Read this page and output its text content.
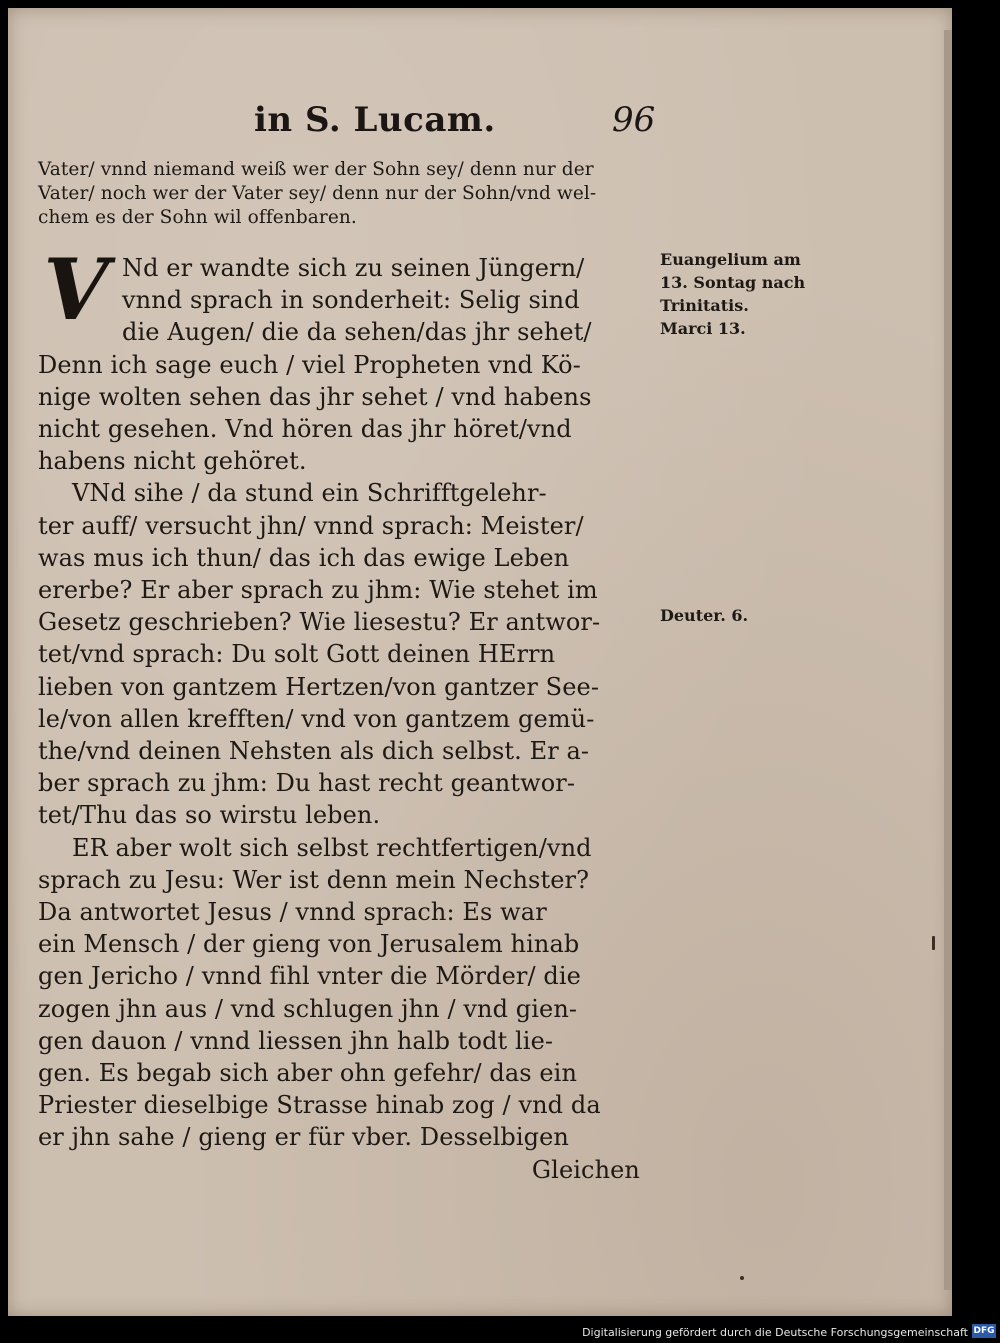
in S. Lucam.	96
Vater/ vnnd niemand weiß wer der Sohn sey/ denn nur der
Vater/ noch wer der Vater sey/ denn nur der Sohn/vnd wel-
chem es der Sohn wil offenbaren.
V Nd er wandte sich zu seinen Jüngern/
vnnd sprach in sonderheit: Selig sind
die Augen/ die da sehen/das jhr sehet/
Denn ich sage euch / viel Propheten vnd Kö-
nige wolten sehen das jhr sehet / vnd habens
nicht gesehen. Vnd hören das jhr höret/vnd
habens nicht gehöret.
VNd sihe / da stund ein Schrifftgelehr-
ter auff/ versucht jhn/ vnnd sprach: Meister/
was mus ich thun/ das ich das ewige Leben
ererbe? Er aber sprach zu jhm: Wie stehet im
Gesetz geschrieben? Wie liesestu? Er antwor-
tet/vnd sprach: Du solt Gott deinen HErrn
lieben von gantzem Hertzen/von gantzer See-
le/von allen krefften/ vnd von gantzem gemü-
the/vnd deinen Nehsten als dich selbst. Er a-
ber sprach zu jhm: Du hast recht geantwor-
tet/Thu das so wirstu leben.
ER aber wolt sich selbst rechtfertigen/vnd
sprach zu Jesu: Wer ist denn mein Nechster?
Da antwortet Jesus / vnnd sprach: Es war
ein Mensch / der gieng von Jerusalem hinab
gen Jericho / vnnd fihl vnter die Mörder/ die
zogen jhn aus / vnd schlugen jhn / vnd gien-
gen dauon / vnnd liessen jhn halb todt lie-
gen. Es begab sich aber ohn gefehr/ das ein
Priester dieselbige Strasse hinab zog / vnd da
er jhn sahe / gieng er für vber. Desselbigen
Gleichen
Euangelium am
13. Sontag nach
Trinitatis.
Marci 13.
Deuter. 6.
Digitalisierung gefördert durch die Deutsche Forschungsgemeinschaft DFG
